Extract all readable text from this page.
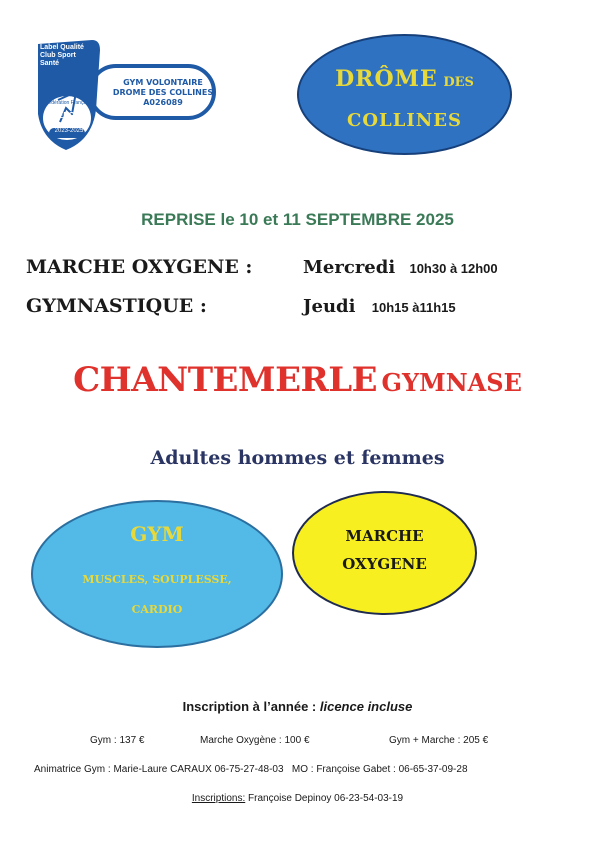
Label Qualité Club Sport Santé
EPGV
Fédération Française
2023-2025
GYM VOLONTAIRE
DROME DES COLLINES
A026089
DRÔME DES
COLLINES
REPRISE le 10 et 11 SEPTEMBRE 2025
MARCHE OXYGENE :	Mercredi 10h30 à 12h00
GYMNASTIQUE :	Jeudi 10h15 à11h15
CHANTEMERLE GYMNASE
Adultes hommes et femmes
GYM
MUSCLES, SOUPLESSE,
CARDIO
MARCHE
OXYGENE
Inscription à l’année : licence incluse
Gym : 137 €	Marche Oxygène : 100 €	Gym + Marche : 205 €
Animatrice Gym : Marie-Laure CARAUX 06-75-27-48-03   MO : Françoise Gabet : 06-65-37-09-28
Inscriptions: Françoise Depinoy 06-23-54-03-19
